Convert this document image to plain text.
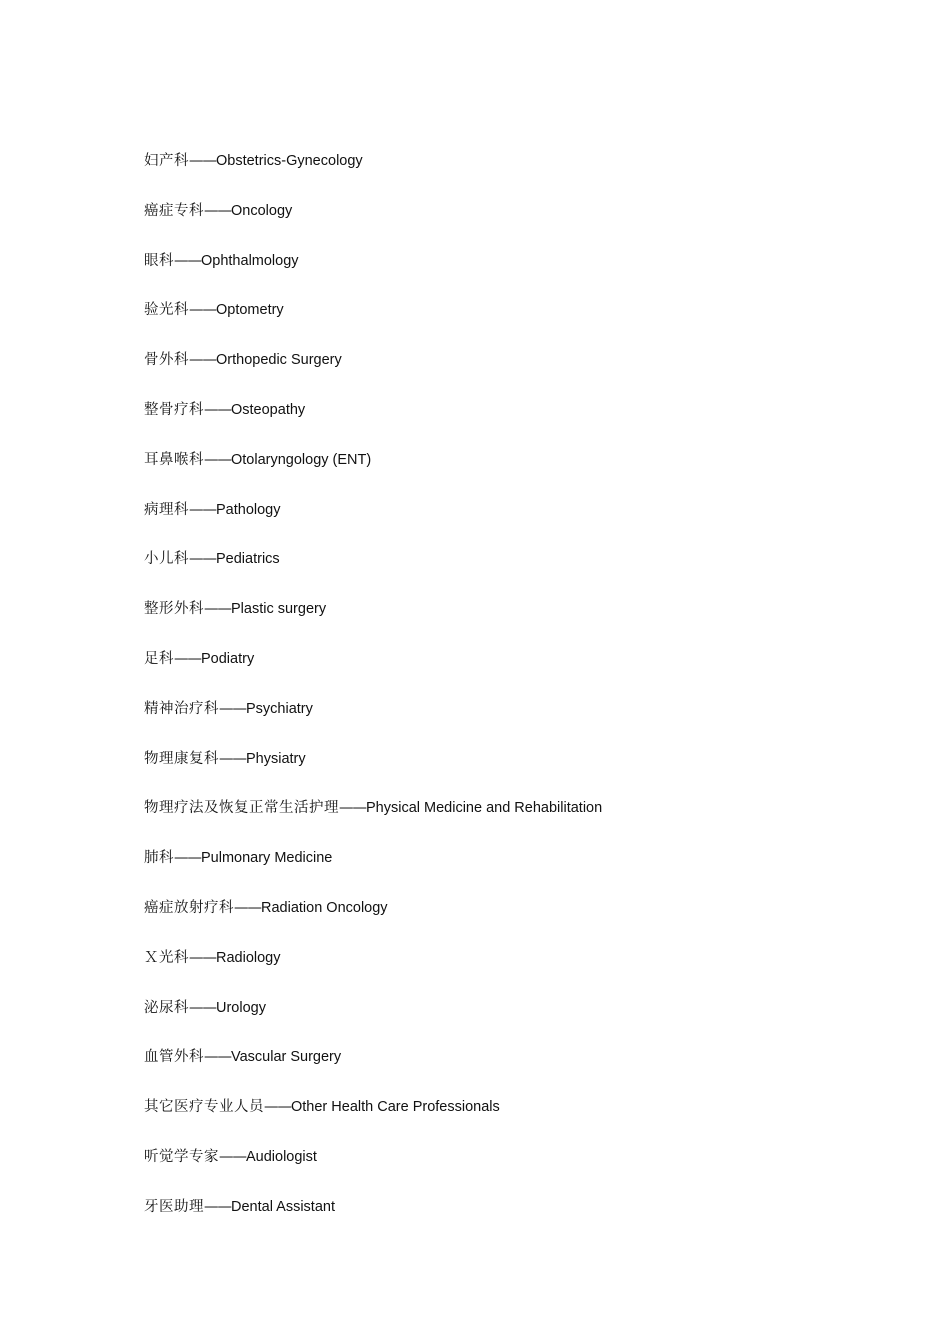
妇产科——Obstetrics-Gynecology
癌症专科——Oncology
眼科——Ophthalmology
验光科——Optometry
骨外科——Orthopedic Surgery
整骨疗科——Osteopathy
耳鼻喉科——Otolaryngology (ENT)
病理科——Pathology
小儿科——Pediatrics
整形外科——Plastic surgery
足科——Podiatry
精神治疗科——Psychiatry
物理康复科——Physiatry
物理疗法及恢复正常生活护理——Physical Medicine and Rehabilitation
肺科——Pulmonary Medicine
癌症放射疗科——Radiation Oncology
Ｘ光科——Radiology
泌尿科——Urology
血管外科——Vascular Surgery
其它医疗专业人员——Other Health Care Professionals
听觉学专家——Audiologist
牙医助理——Dental Assistant
